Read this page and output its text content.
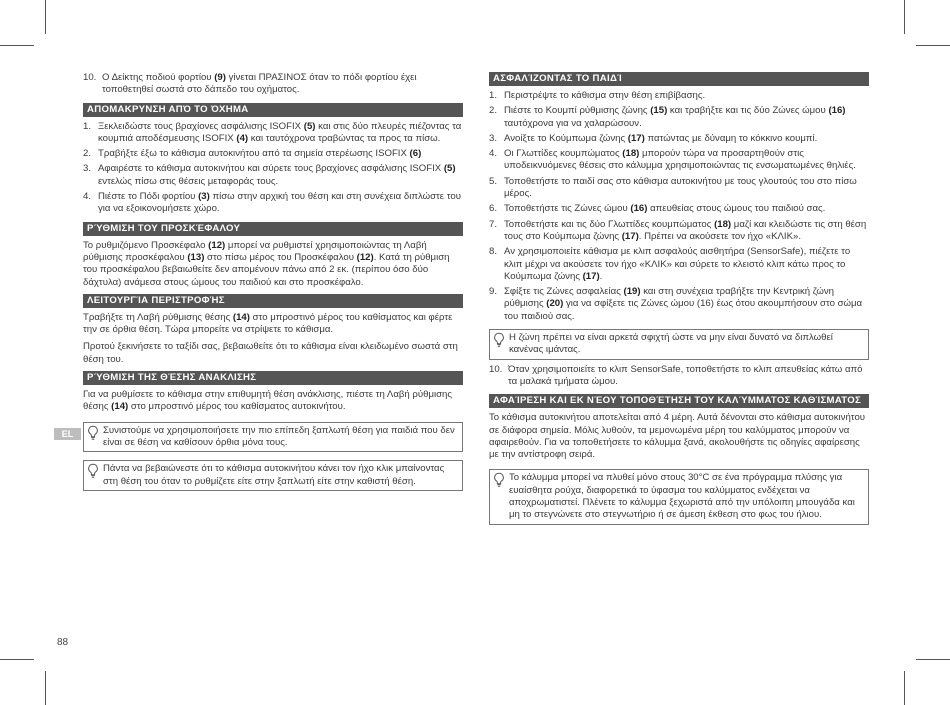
EL
88
10. Ο Δείκτης ποδιού φορτίου (9) γίνεται ΠΡΑΣΙΝΟΣ όταν το πόδι φορτίου έχει τοποθετηθεί σωστά στο δάπεδο του οχήματος.
ΑΠΟΜΑΚΡΥΝΣΗ ΑΠΌ ΤΟ ΌΧΗΜΑ
1. Ξεκλειδώστε τους βραχίονες ασφάλισης ISOFIX (5) και στις δύο πλευρές πιέζοντας τα κουμπιά αποδέσμευσης ISOFIX (4) και ταυτόχρονα τραβώντας τα προς τα πίσω.
2. Τραβήξτε έξω το κάθισμα αυτοκινήτου από τα σημεία στερέωσης ISOFIX (6)
3. Αφαιρέστε το κάθισμα αυτοκινήτου και σύρετε τους βραχίονες ασφάλισης ISOFIX (5) εντελώς πίσω στις θέσεις μεταφοράς τους.
4. Πιέστε το Πόδι φορτίου (3) πίσω στην αρχική του θέση και στη συνέχεια διπλώστε του για να εξοικονομήσετε χώρο.
ΡΎΘΜΙΣΗ ΤΟΥ ΠΡΟΣΚΈΦΑΛΟΥ

Το ρυθμιζόμενο Προσκέφαλο (12) μπορεί να ρυθμιστεί χρησιμοποιώντας τη Λαβή ρύθμισης προσκέφαλου (13) στο πίσω μέρος του Προσκέφαλου (12). Κατά τη ρύθμιση του προσκέφαλου βεβαιωθείτε δεν απομένουν πάνω από 2 εκ. (περίπου όσο δύο δάχτυλα) ανάμεσα στους ώμους του παιδιού και στο προσκέφαλο.

ΛΕΙΤΟΥΡΓΊΑ ΠΕΡΙΣΤΡΟΦΉΣ

Τραβήξτε τη Λαβή ρύθμισης θέσης (14) στο μπροστινό μέρος του καθίσματος και φέρτε την σε όρθια θέση. Τώρα μπορείτε να στρίψετε το κάθισμα.

Προτού ξεκινήσετε το ταξίδι σας, βεβαιωθείτε ότι το κάθισμα είναι κλειδωμένο σωστά στη θέση του.

ΡΎΘΜΙΣΗ ΤΗΣ ΘΈΣΗΣ ΑΝΑΚΛΙΣΗΣ

Για να ρυθμίσετε το κάθισμα στην επιθυμητή θέση ανάκλισης, πιέστε τη Λαβή ρύθμισης θέσης (14) στο μπροστινό μέρος του καθίσματος αυτοκινήτου.

Συνιστούμε να χρησιμοποιήσετε την πιο επίπεδη ξαπλωτή θέση για παιδιά που δεν είναι σε θέση να καθίσουν όρθια μόνα τους.
Πάντα να βεβαιώνεστε ότι το κάθισμα αυτοκινήτου κάνει τον ήχο κλικ μπαίνοντας στη θέση του όταν το ρυθμίζετε είτε στην ξαπλωτή είτε στην καθιστή θέση.
ΑΣΦΑΛΊΖΟΝΤΑΣ ΤΟ ΠΑΙΔΊ
1. Περιστρέψτε το κάθισμα στην θέση επιβίβασης.
2. Πιέστε το Κουμπί ρύθμισης ζώνης (15) και τραβήξτε και τις δύο Ζώνες ώμου (16) ταυτόχρονα για να χαλαρώσουν.
3. Ανοίξτε το Κούμπωμα ζώνης (17) πατώντας με δύναμη το κόκκινο κουμπί.
4. Οι Γλωττίδες κουμπώματος (18) μπορούν τώρα να προσαρτηθούν στις υποδεικνυόμενες θέσεις στο κάλυμμα χρησιμοποιώντας τις ενσωματωμένες θηλιές.
5. Τοποθετήστε το παιδί σας στο κάθισμα αυτοκινήτου με τους γλουτούς του στο πίσω μέρος.
6. Τοποθετήστε τις Ζώνες ώμου (16) απευθείας στους ώμους του παιδιού σας.
7. Τοποθετήστε και τις δύο Γλωττίδες κουμπώματος (18) μαζί και κλειδώστε τις στη θέση τους στο Κούμπωμα ζώνης (17). Πρέπει να ακούσετε τον ήχο «ΚΛΙΚ».
8. Αν χρησιμοποιείτε κάθισμα με κλιπ ασφαλούς αισθητήρα (SensorSafe), πιέζετε το κλιπ μέχρι να ακούσετε τον ήχο «ΚΛΙΚ» και σύρετε το κλειστό κλιπ κάτω προς το Κούμπωμα ζώνης (17).
9. Σφίξτε τις Ζώνες ασφαλείας (19) και στη συνέχεια τραβήξτε την Κεντρική ζώνη ρύθμισης (20) για να σφίξετε τις Ζώνες ώμου (16) έως ότου ακουμπήσουν στο σώμα του παιδιού σας.
Η ζώνη πρέπει να είναι αρκετά σφιχτή ώστε να μην είναι δυνατό να διπλωθεί κανένας ιμάντας.
10. Όταν χρησιμοποιείτε το κλιπ SensorSafe, τοποθετήστε το κλιπ απευθείας κάτω από τα μαλακά τμήματα ώμου.
ΑΦΑΊΡΕΣΗ ΚΑΙ ΕΚ ΝΈΟΥ ΤΟΠΟΘΈΤΗΣΗ ΤΟΥ ΚΑΛΎΜΜΑΤΟΣ ΚΑΘΊΣΜΑΤΟΣ

Το κάθισμα αυτοκινήτου αποτελείται από 4 μέρη. Αυτά δένονται στο κάθισμα αυτοκινήτου σε διάφορα σημεία. Μόλις λυθούν, τα μεμονωμένα μέρη του καλύμματος μπορούν να αφαιρεθούν. Για να τοποθετήσετε το κάλυμμα ξανά, ακολουθήστε τις οδηγίες αφαίρεσης με την αντίστροφη σειρά.

Το κάλυμμα μπορεί να πλυθεί μόνο στους 30°C σε ένα πρόγραμμα πλύσης για ευαίσθητα ρούχα, διαφορετικά το ύφασμα του καλύμματος ενδέχεται να αποχρωματιστεί. Πλένετε το κάλυμμα ξεχωριστά από την υπόλοιπη μπουγάδα και μη το στεγνώνετε στο στεγνωτήριο ή σε άμεση έκθεση στο φως του ήλιου.
